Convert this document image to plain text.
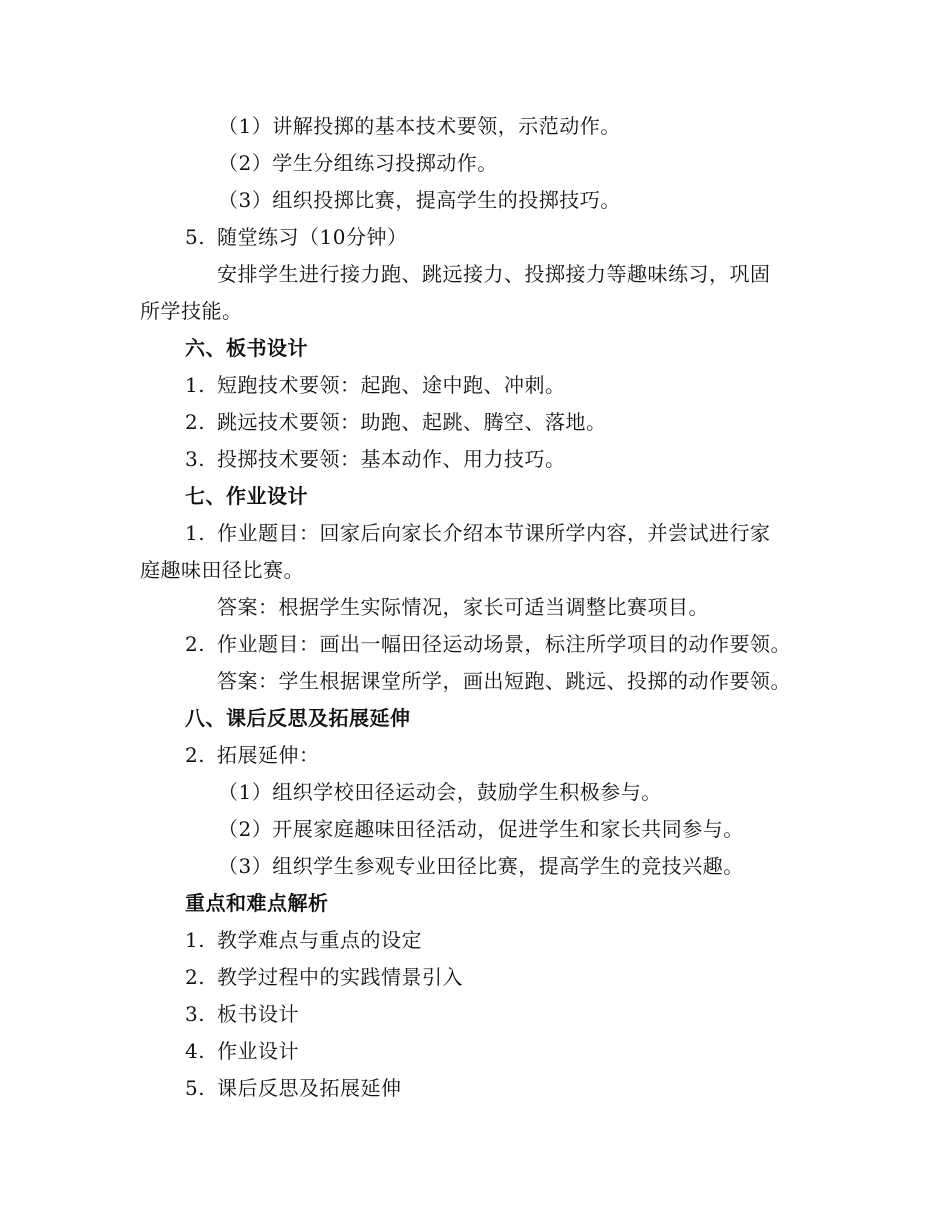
（1）讲解投掷的基本技术要领，示范动作。
（2）学生分组练习投掷动作。
（3）组织投掷比赛，提高学生的投掷技巧。
5. 随堂练习（10分钟）
安排学生进行接力跑、跳远接力、投掷接力等趣味练习，巩固
所学技能。
六、板书设计
1. 短跑技术要领：起跑、途中跑、冲刺。
2. 跳远技术要领：助跑、起跳、腾空、落地。
3. 投掷技术要领：基本动作、用力技巧。
七、作业设计
1. 作业题目：回家后向家长介绍本节课所学内容，并尝试进行家
庭趣味田径比赛。
答案：根据学生实际情况，家长可适当调整比赛项目。
2. 作业题目：画出一幅田径运动场景，标注所学项目的动作要领。
答案：学生根据课堂所学，画出短跑、跳远、投掷的动作要领。
八、课后反思及拓展延伸
2. 拓展延伸：
（1）组织学校田径运动会，鼓励学生积极参与。
（2）开展家庭趣味田径活动，促进学生和家长共同参与。
（3）组织学生参观专业田径比赛，提高学生的竞技兴趣。
重点和难点解析
1. 教学难点与重点的设定
2. 教学过程中的实践情景引入
3. 板书设计
4. 作业设计
5. 课后反思及拓展延伸
